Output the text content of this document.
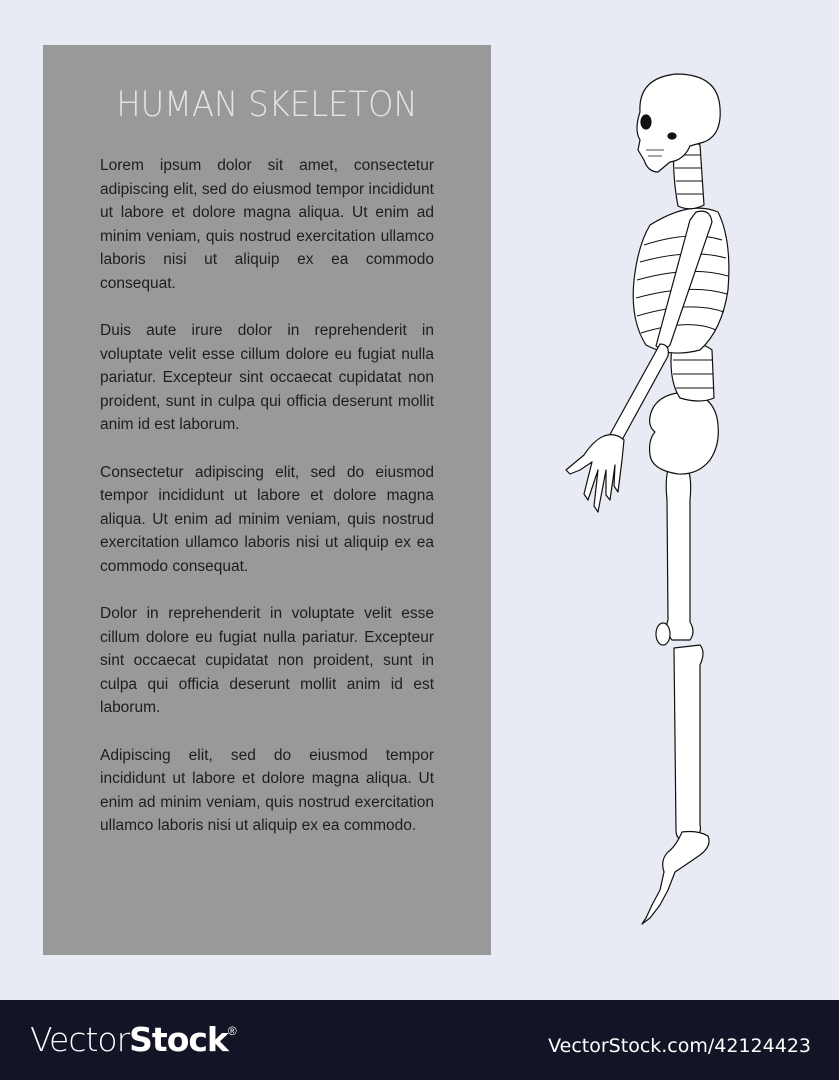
HUMAN SKELETON

Lorem ipsum dolor sit amet, consectetur adipiscing elit, sed do eiusmod tempor incididunt ut labore et dolore magna aliqua. Ut enim ad minim veniam, quis nostrud exercitation ullamco laboris nisi ut aliquip ex ea commodo consequat.

Duis aute irure dolor in reprehenderit in voluptate velit esse cillum dolore eu fugiat nulla pariatur. Excepteur sint occaecat cupidatat non proident, sunt in culpa qui officia deserunt mollit anim id est laborum.

Consectetur adipiscing elit, sed do eiusmod tempor incididunt ut labore et dolore magna aliqua. Ut enim ad minim veniam, quis nostrud exercitation ullamco laboris nisi ut aliquip ex ea commodo consequat.

Dolor in reprehenderit in voluptate velit esse cillum dolore eu fugiat nulla pariatur. Excepteur sint occaecat cupidatat non proident, sunt in culpa qui officia deserunt mollit anim id est laborum.

Adipiscing elit, sed do eiusmod tempor incididunt ut labore et dolore magna aliqua. Ut enim ad minim veniam, quis nostrud exercitation ullamco laboris nisi ut aliquip ex ea commodo.

VectorStock®
VectorStock.com/42124423
